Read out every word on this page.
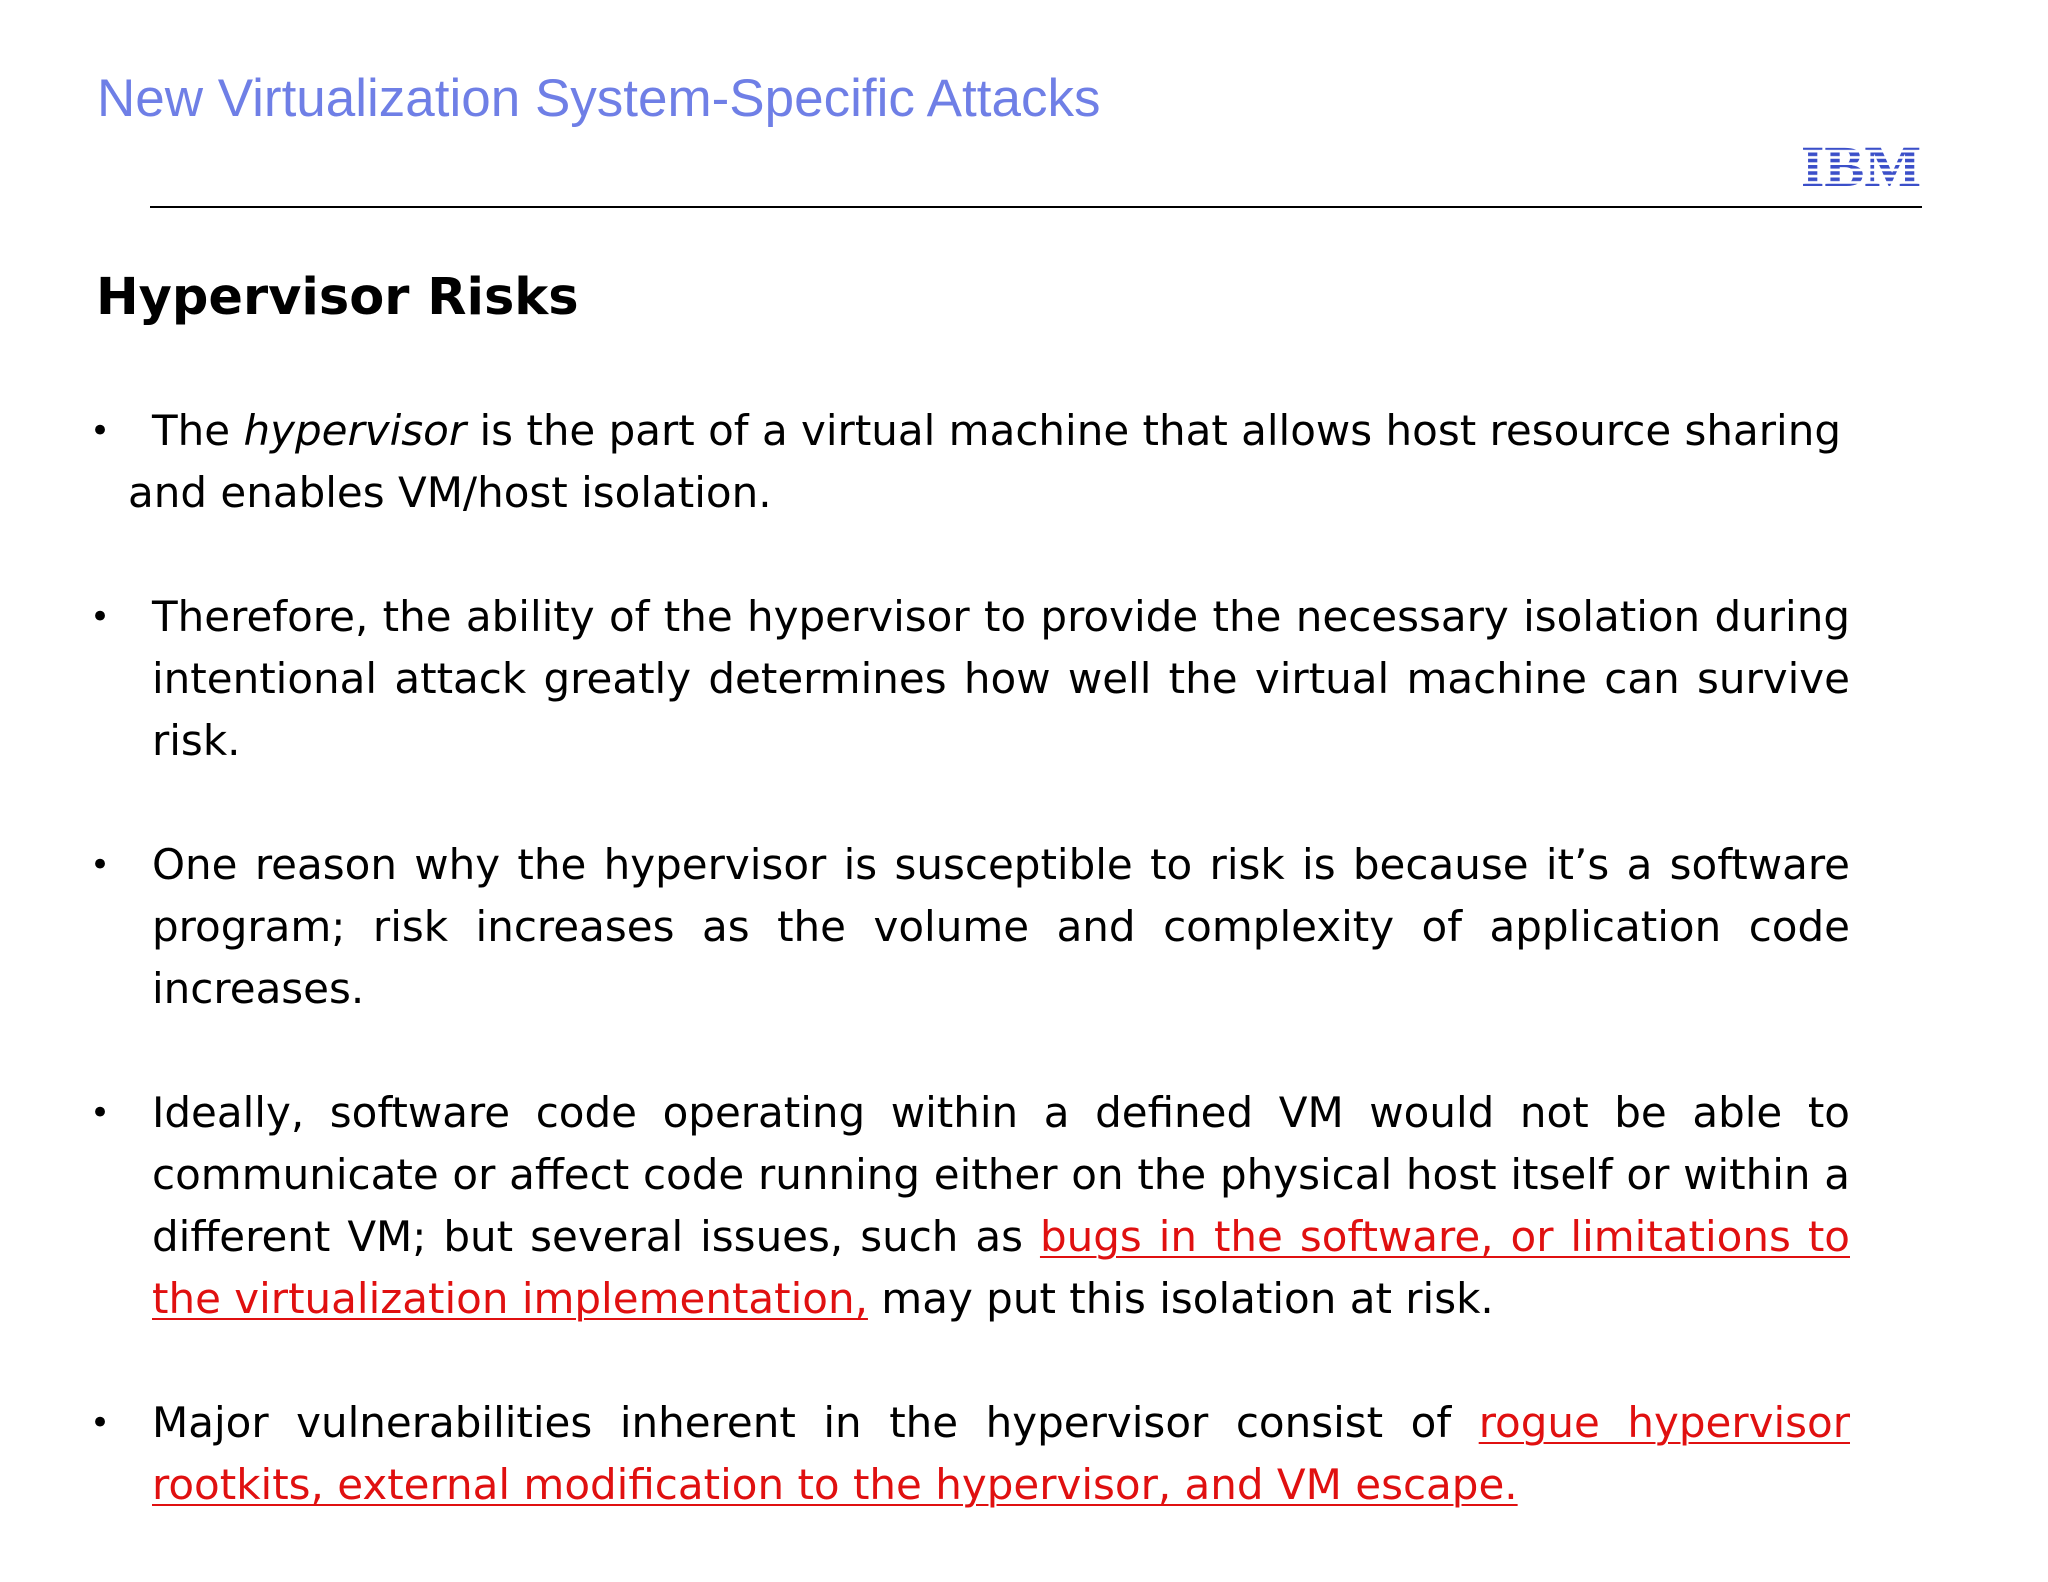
New Virtualization System-Specific Attacks
Hypervisor Risks
• The hypervisor is the part of a virtual machine that allows host resource sharing
and enables VM/host isolation.
• Therefore, the ability of the hypervisor to provide the necessary isolation during intentional attack greatly determines how well the virtual machine can survive risk.
• One reason why the hypervisor is susceptible to risk is because it’s a software program; risk increases as the volume and complexity of application code increases.
• Ideally, software code operating within a defined VM would not be able to communicate or affect code running either on the physical host itself or within a different VM; but several issues, such as bugs in the software, or limitations to the virtualization implementation, may put this isolation at risk.
• Major vulnerabilities inherent in the hypervisor consist of rogue hypervisor rootkits, external modification to the hypervisor, and VM escape.
